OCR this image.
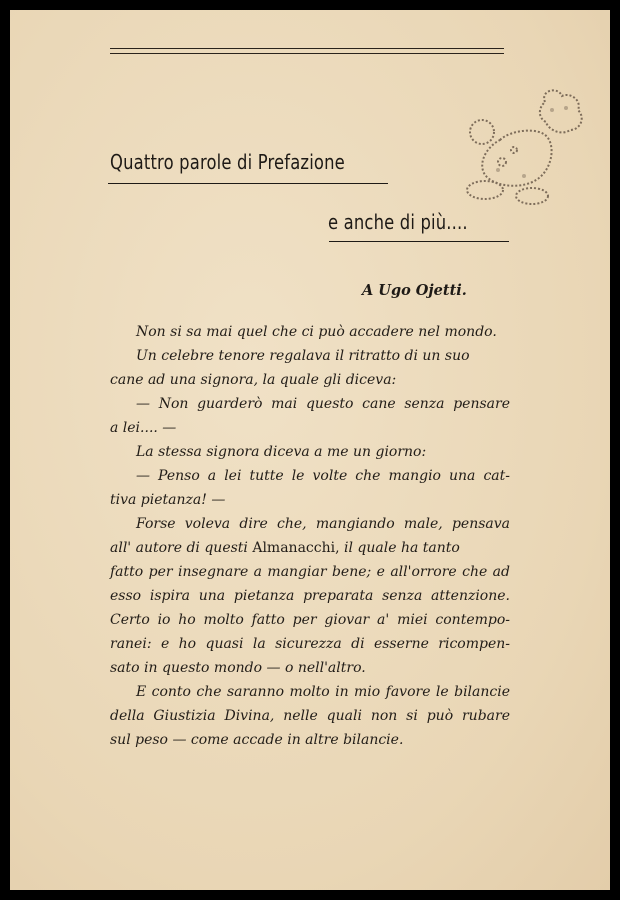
Quattro parole di Prefazione
e anche di più....
A Ugo Ojetti.
Non si sa mai quel che ci può accadere nel mondo.
Un celebre tenore regalava il ritratto di un suo
cane ad una signora, la quale gli diceva:
— Non guarderò mai questo cane senza pensare
a lei.... —
La stessa signora diceva a me un giorno:
— Penso a lei tutte le volte che mangio una cat-
tiva pietanza! —
Forse voleva dire che, mangiando male, pensava
all' autore di questi Almanacchi, il quale ha tanto
fatto per insegnare a mangiar bene; e all'orrore che ad
esso ispira una pietanza preparata senza attenzione.
Certo io ho molto fatto per giovar a' miei contempo-
ranei: e ho quasi la sicurezza di esserne ricompen-
sato in questo mondo — o nell'altro.
E conto che saranno molto in mio favore le bilancie
della Giustizia Divina, nelle quali non si può rubare
sul peso — come accade in altre bilancie.
